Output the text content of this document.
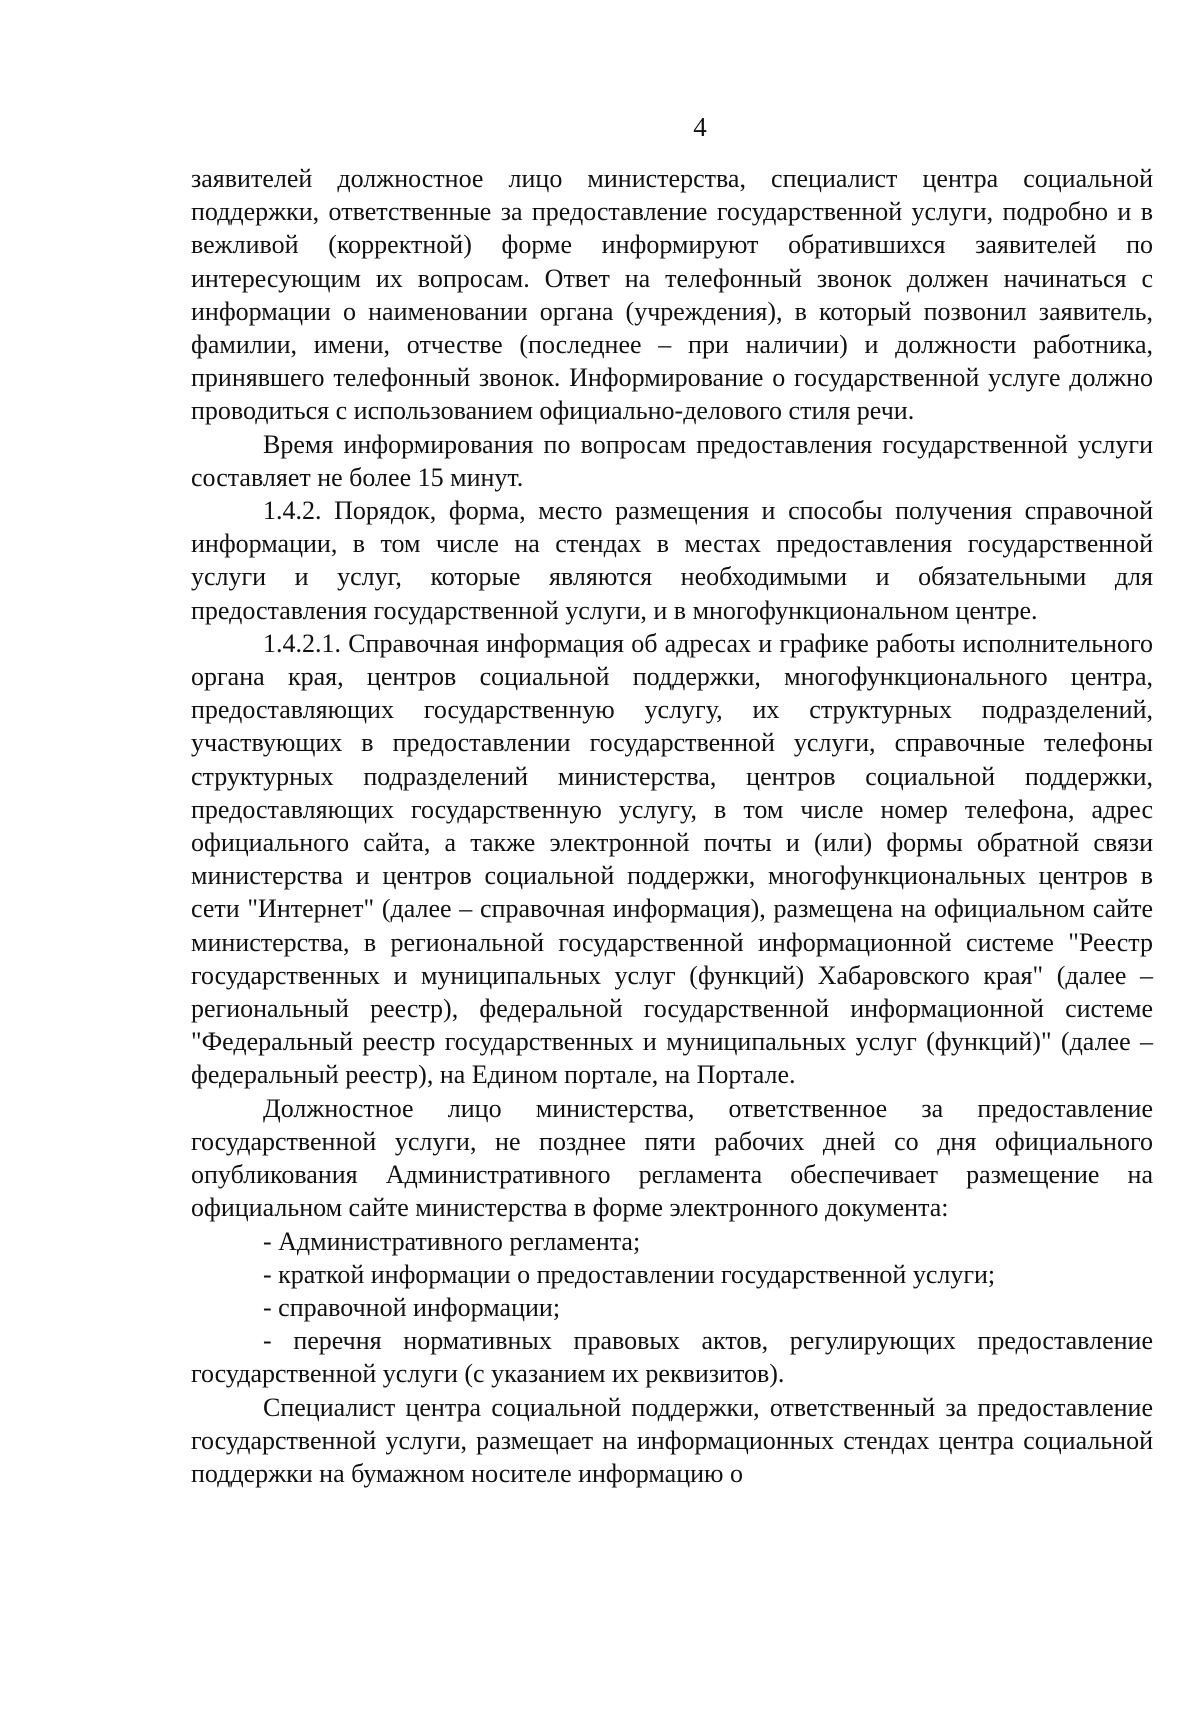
4

заявителей должностное лицо министерства, специалист центра социальной поддержки, ответственные за предоставление государственной услуги, подробно и в вежливой (корректной) форме информируют обратившихся заявителей по интересующим их вопросам. Ответ на телефонный звонок должен начинаться с информации о наименовании органа (учреждения), в который позвонил заявитель, фамилии, имени, отчестве (последнее – при наличии) и должности работника, принявшего телефонный звонок. Информирование о государственной услуге должно проводиться с использованием официально-делового стиля речи.

Время информирования по вопросам предоставления государственной услуги составляет не более 15 минут.

1.4.2. Порядок, форма, место размещения и способы получения справочной информации, в том числе на стендах в местах предоставления государственной услуги и услуг, которые являются необходимыми и обязательными для предоставления государственной услуги, и в многофункциональном центре.

1.4.2.1. Справочная информация об адресах и графике работы исполнительного органа края, центров социальной поддержки, многофункционального центра, предоставляющих государственную услугу, их структурных подразделений, участвующих в предоставлении государственной услуги, справочные телефоны структурных подразделений министерства, центров социальной поддержки, предоставляющих государственную услугу, в том числе номер телефона, адрес официального сайта, а также электронной почты и (или) формы обратной связи министерства и центров социальной поддержки, многофункциональных центров в сети "Интернет" (далее – справочная информация), размещена на официальном сайте министерства, в региональной государственной информационной системе "Реестр государственных и муниципальных услуг (функций) Хабаровского края" (далее – региональный реестр), федеральной государственной информационной системе "Федеральный реестр государственных и муниципальных услуг (функций)" (далее – федеральный реестр), на Едином портале, на Портале.

Должностное лицо министерства, ответственное за предоставление государственной услуги, не позднее пяти рабочих дней со дня официального опубликования Административного регламента обеспечивает размещение на официальном сайте министерства в форме электронного документа:

- Административного регламента;

- краткой информации о предоставлении государственной услуги;

- справочной информации;

- перечня нормативных правовых актов, регулирующих предоставление государственной услуги (с указанием их реквизитов).

Специалист центра социальной поддержки, ответственный за предоставление государственной услуги, размещает на информационных стендах центра социальной поддержки на бумажном носителе информацию о
